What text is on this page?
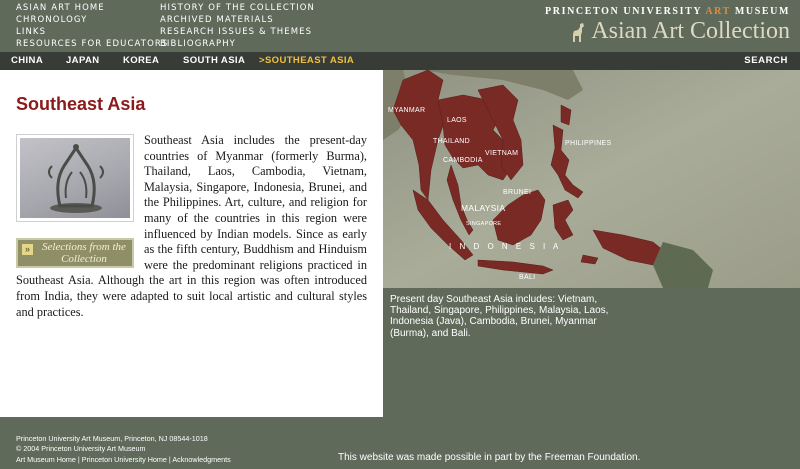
ASIAN ART HOME
CHRONOLOGY
LINKS
RESOURCES FOR EDUCATORS
HISTORY OF THE COLLECTION
ARCHIVED MATERIALS
RESEARCH ISSUES & THEMES
BIBLIOGRAPHY
PRINCETON UNIVERSITY ART MUSEUM
Asian Art Collection
CHINA JAPAN KOREA SOUTH ASIA >SOUTHEAST ASIA	SEARCH
Southeast Asia
»	Selections from the Collection
Southeast Asia includes the present-day countries of Myanmar (formerly Burma), Thailand, Laos, Cambodia, Vietnam, Malaysia, Singapore, Indonesia, Brunei, and the Philippines. Art, culture, and religion for many of the countries in this region were influenced by Indian models. Since as early as the fifth century, Buddhism and Hinduism were the predominant religions practiced in Southeast Asia. Although the art in this region was often introduced from India, they were adapted to suit local artistic and cultural styles and practices.
MYANMAR
LAOS
THAILAND
CAMBODIA
VIETNAM
PHILIPPINES
BRUNEI
MALAYSIA
SINGAPORE
I N D O N E S I A
BALI
Present day Southeast Asia includes: Vietnam, Thailand, Singapore, Philippines, Malaysia, Laos, Indonesia (Java), Cambodia, Brunei, Myanmar (Burma), and Bali.
Princeton University Art Museum, Princeton, NJ 08544-1018
© 2004 Princeton University Art Museum
Art Museum Home | Princeton University Home | Acknowledgments	This website was made possible in part by the Freeman Foundation.
